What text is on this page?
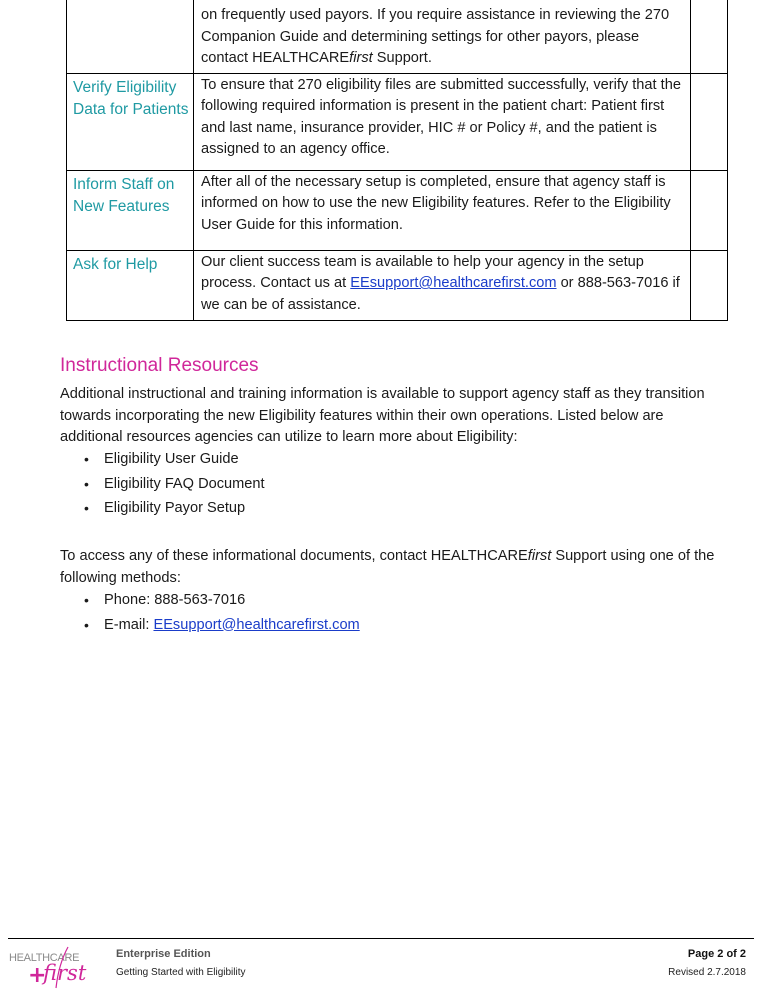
	on frequently used payors. If you require assistance in reviewing the 270 Companion Guide and determining settings for other payors, please contact HEALTHCAREfirst Support.	
Verify Eligibility Data for Patients	To ensure that 270 eligibility files are submitted successfully, verify that the following required information is present in the patient chart: Patient first and last name, insurance provider, HIC # or Policy #, and the patient is assigned to an agency office.	
Inform Staff on New Features	After all of the necessary setup is completed, ensure that agency staff is informed on how to use the new Eligibility features. Refer to the Eligibility User Guide for this information.	
Ask for Help	Our client success team is available to help your agency in the setup process. Contact us at EEsupport@healthcarefirst.com or 888-563-7016 if we can be of assistance.	
Instructional Resources

Additional instructional and training information is available to support agency staff as they transition towards incorporating the new Eligibility features within their own operations. Listed below are additional resources agencies can utilize to learn more about Eligibility:

• Eligibility User Guide
• Eligibility FAQ Document
• Eligibility Payor Setup

To access any of these informational documents, contact HEALTHCAREfirst Support using one of the following methods:

• Phone: 888-563-7016
• E-mail: EEsupport@healthcarefirst.com
HEALTHCARE
+
first
Enterprise Edition
Getting Started with Eligibility
Page 2 of 2
Revised 2.7.2018
